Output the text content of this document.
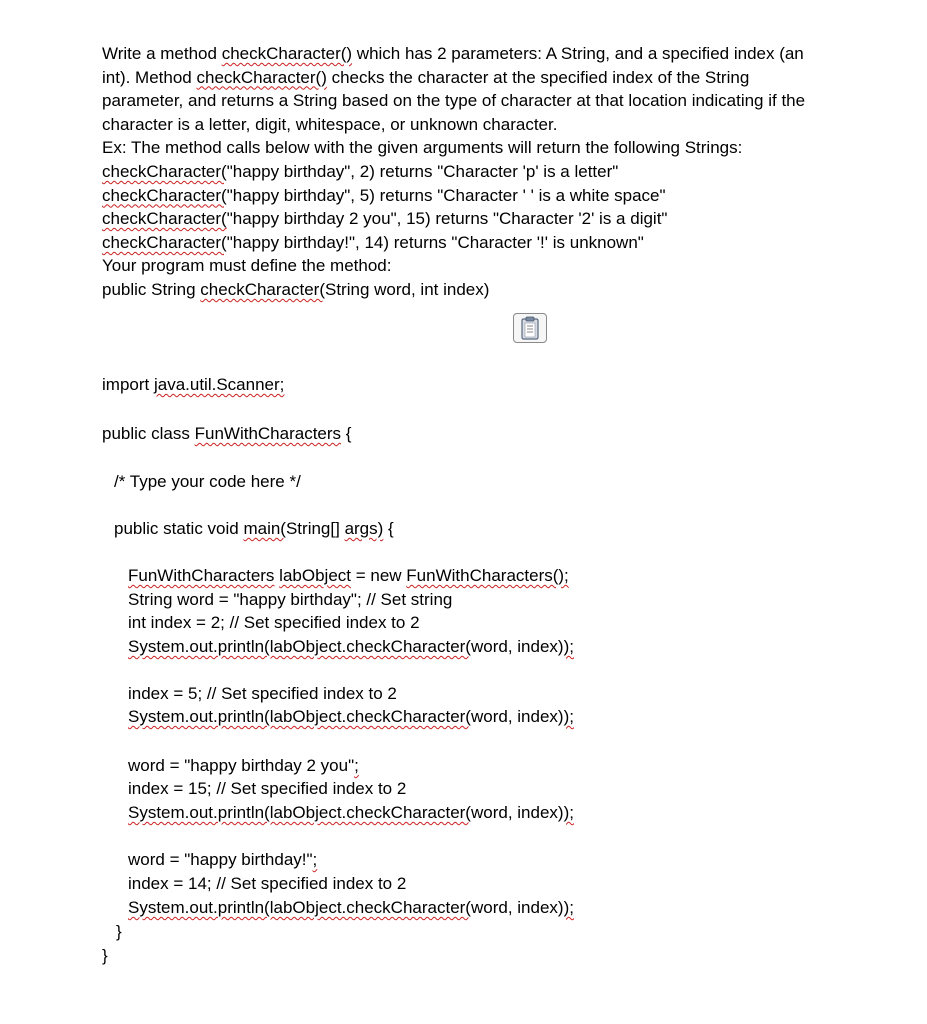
Write a method checkCharacter() which has 2 parameters: A String, and a specified index (an
int). Method checkCharacter() checks the character at the specified index of the String
parameter, and returns a String based on the type of character at that location indicating if the
character is a letter, digit, whitespace, or unknown character.
Ex: The method calls below with the given arguments will return the following Strings:
checkCharacter("happy birthday", 2) returns "Character 'p' is a letter"
checkCharacter("happy birthday", 5) returns "Character ' ' is a white space"
checkCharacter("happy birthday 2 you", 15) returns "Character '2' is a digit"
checkCharacter("happy birthday!", 14) returns "Character '!' is unknown"
Your program must define the method:
public String checkCharacter(String word, int index)
import java.util.Scanner;
public class FunWithCharacters {
/* Type your code here */
public static void main(String[] args) {
FunWithCharacters labObject = new FunWithCharacters();
String word = "happy birthday"; // Set string
int index = 2; // Set specified index to 2
System.out.println(labObject.checkCharacter(word, index));
index = 5; // Set specified index to 2
System.out.println(labObject.checkCharacter(word, index));
word = "happy birthday 2 you";
index = 15; // Set specified index to 2
System.out.println(labObject.checkCharacter(word, index));
word = "happy birthday!";
index = 14; // Set specified index to 2
System.out.println(labObject.checkCharacter(word, index));
}
}
